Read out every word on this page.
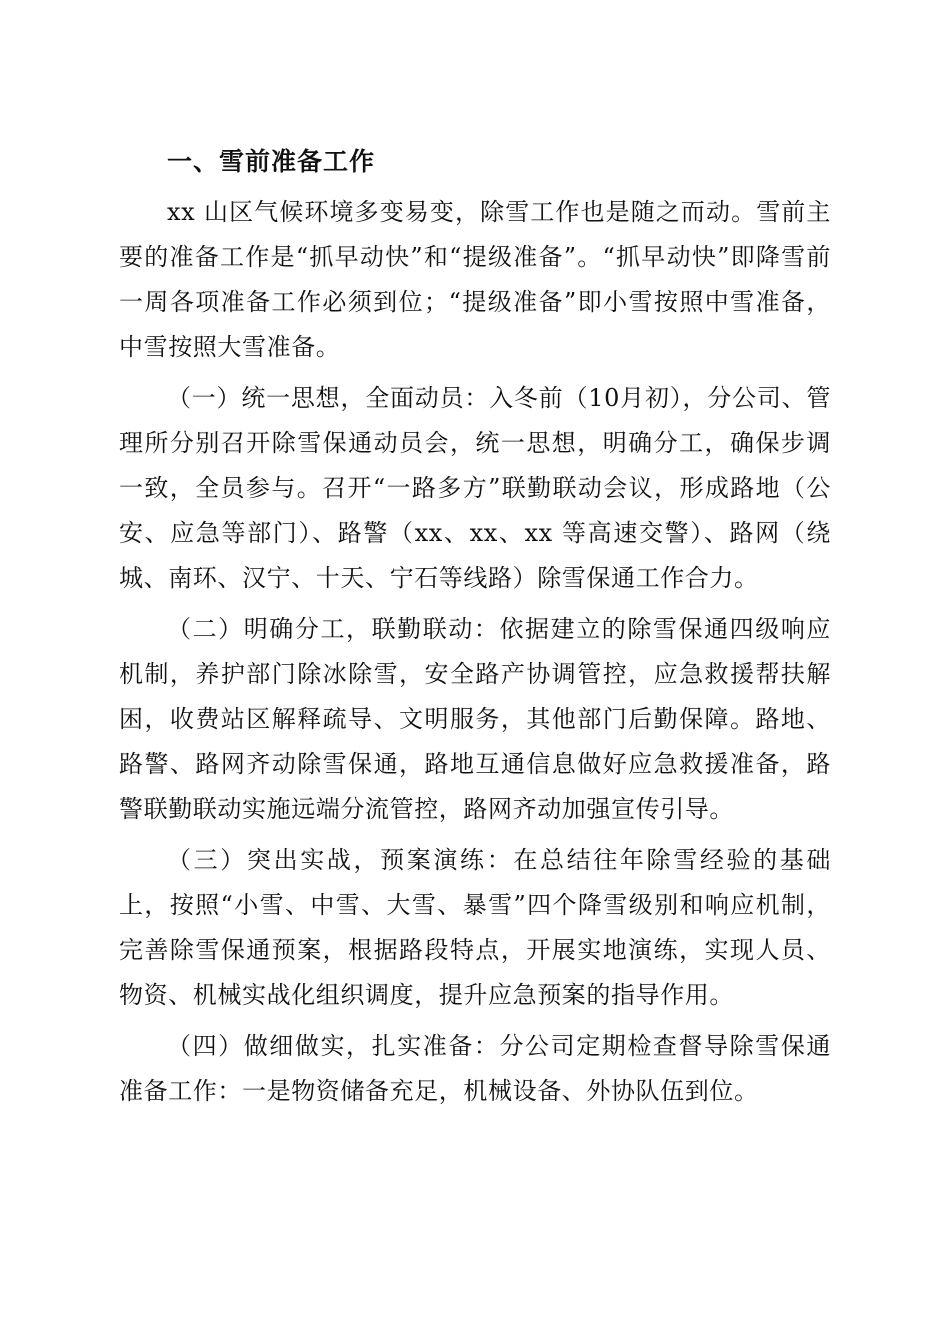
一、雪前准备工作

xx 山区气候环境多变易变，除雪工作也是随之而动。雪前主要的准备工作是“抓早动快”和“提级准备”。“抓早动快”即降雪前一周各项准备工作必须到位；“提级准备”即小雪按照中雪准备，中雪按照大雪准备。

（一）统一思想，全面动员：入冬前（10月初），分公司、管理所分别召开除雪保通动员会，统一思想，明确分工，确保步调一致，全员参与。召开“一路多方”联勤联动会议，形成路地（公安、应急等部门）、路警（xx、xx、xx 等高速交警）、路网（绕城、南环、汉宁、十天、宁石等线路）除雪保通工作合力。

（二）明确分工，联勤联动：依据建立的除雪保通四级响应机制，养护部门除冰除雪，安全路产协调管控，应急救援帮扶解困，收费站区解释疏导、文明服务，其他部门后勤保障。路地、路警、路网齐动除雪保通，路地互通信息做好应急救援准备，路警联勤联动实施远端分流管控，路网齐动加强宣传引导。

（三）突出实战，预案演练：在总结往年除雪经验的基础上，按照“小雪、中雪、大雪、暴雪”四个降雪级别和响应机制，完善除雪保通预案，根据路段特点，开展实地演练，实现人员、物资、机械实战化组织调度，提升应急预案的指导作用。

（四）做细做实，扎实准备：分公司定期检查督导除雪保通准备工作：一是物资储备充足，机械设备、外协队伍到位。
